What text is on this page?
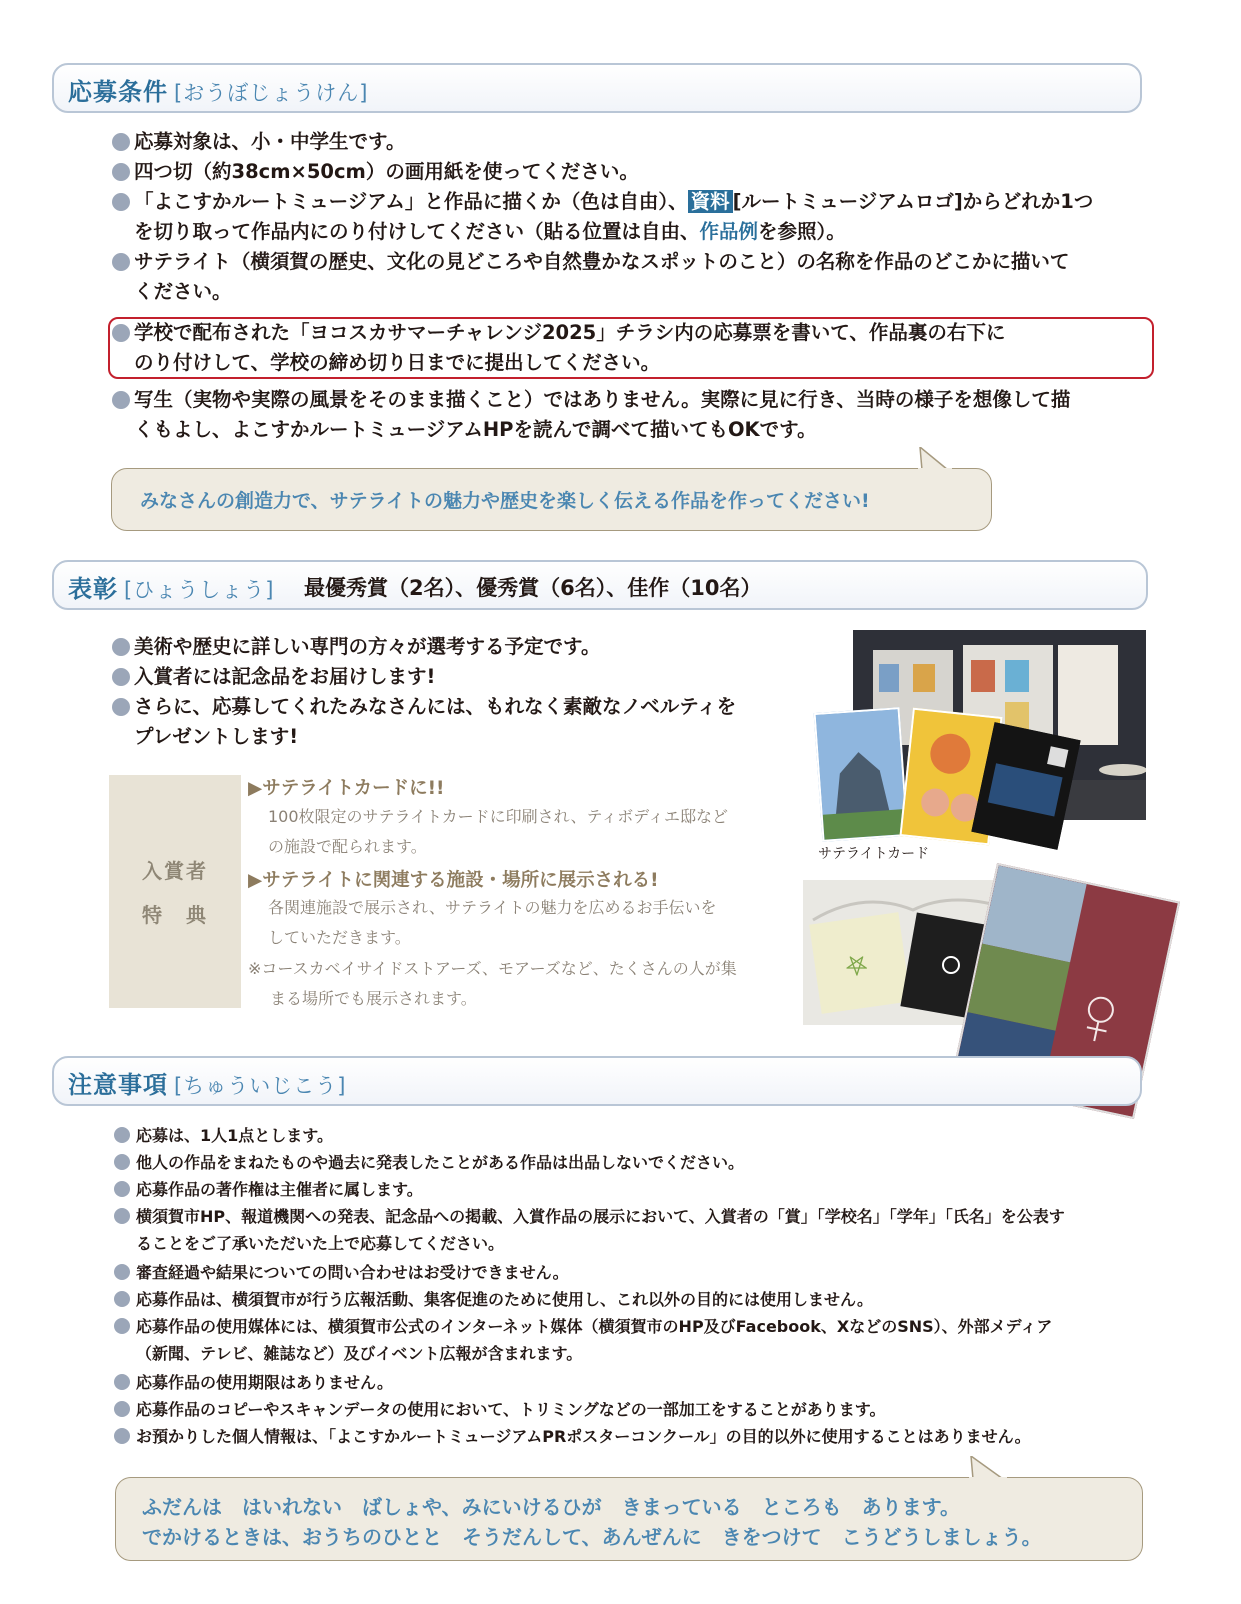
応募条件 [おうぼじょうけん]
応募対象は、小・中学生です。
四つ切（約38cm×50cm）の画用紙を使ってください。
「よこすかルートミュージアム」と作品に描くか（色は自由）、 資料 [ルートミュージアムロゴ]からどれか1つ
を切り取って作品内にのり付けしてください（貼る位置は自由、作品例を参照）。
サテライト（横須賀の歴史、文化の見どころや自然豊かなスポットのこと）の名称を作品のどこかに描いて
ください。
学校で配布された「ヨコスカサマーチャレンジ2025」チラシ内の応募票を書いて、作品裏の右下に
のり付けして、学校の締め切り日までに提出してください。
写生（実物や実際の風景をそのまま描くこと）ではありません。実際に見に行き、当時の様子を想像して描
くもよし、よこすかルートミュージアムHPを読んで調べて描いてもOKです。
みなさんの創造力で、サテライトの魅力や歴史を楽しく伝える作品を作ってください!
表彰 [ひょうしょう] 最優秀賞（2名）、優秀賞（6名）、佳作（10名）
美術や歴史に詳しい専門の方々が選考する予定です。
入賞者には記念品をお届けします!
さらに、応募してくれたみなさんには、もれなく素敵なノベルティを
プレゼントします!
入賞者
特　典
▶サテライトカードに!!
100枚限定のサテライトカードに印刷され、ティボディエ邸など
の施設で配られます。
▶サテライトに関連する施設・場所に展示される!
各関連施設で展示され、サテライトの魅力を広めるお手伝いを
していただきます。
※コースカベイサイドストアーズ、モアーズなど、たくさんの人が集
まる場所でも展示されます。
サテライトカード
𖤐
注意事項 [ちゅういじこう]
応募は、1人1点とします。
他人の作品をまねたものや過去に発表したことがある作品は出品しないでください。
応募作品の著作権は主催者に属します。
横須賀市HP、報道機関への発表、記念品への掲載、入賞作品の展示において、入賞者の「賞」「学校名」「学年」「氏名」を公表す
ることをご了承いただいた上で応募してください。
審査経過や結果についての問い合わせはお受けできません。
応募作品は、横須賀市が行う広報活動、集客促進のために使用し、これ以外の目的には使用しません。
応募作品の使用媒体には、横須賀市公式のインターネット媒体（横須賀市のHP及びFacebook、XなどのSNS）、外部メディア
（新聞、テレビ、雑誌など）及びイベント広報が含まれます。
応募作品の使用期限はありません。
応募作品のコピーやスキャンデータの使用において、トリミングなどの一部加工をすることがあります。
お預かりした個人情報は、「よこすかルートミュージアムPRポスターコンクール」の目的以外に使用することはありません。
ふだんは　はいれない　ばしょや、みにいけるひが　きまっている　ところも　あります。
でかけるときは、おうちのひとと　そうだんして、あんぜんに　きをつけて　こうどうしましょう。
